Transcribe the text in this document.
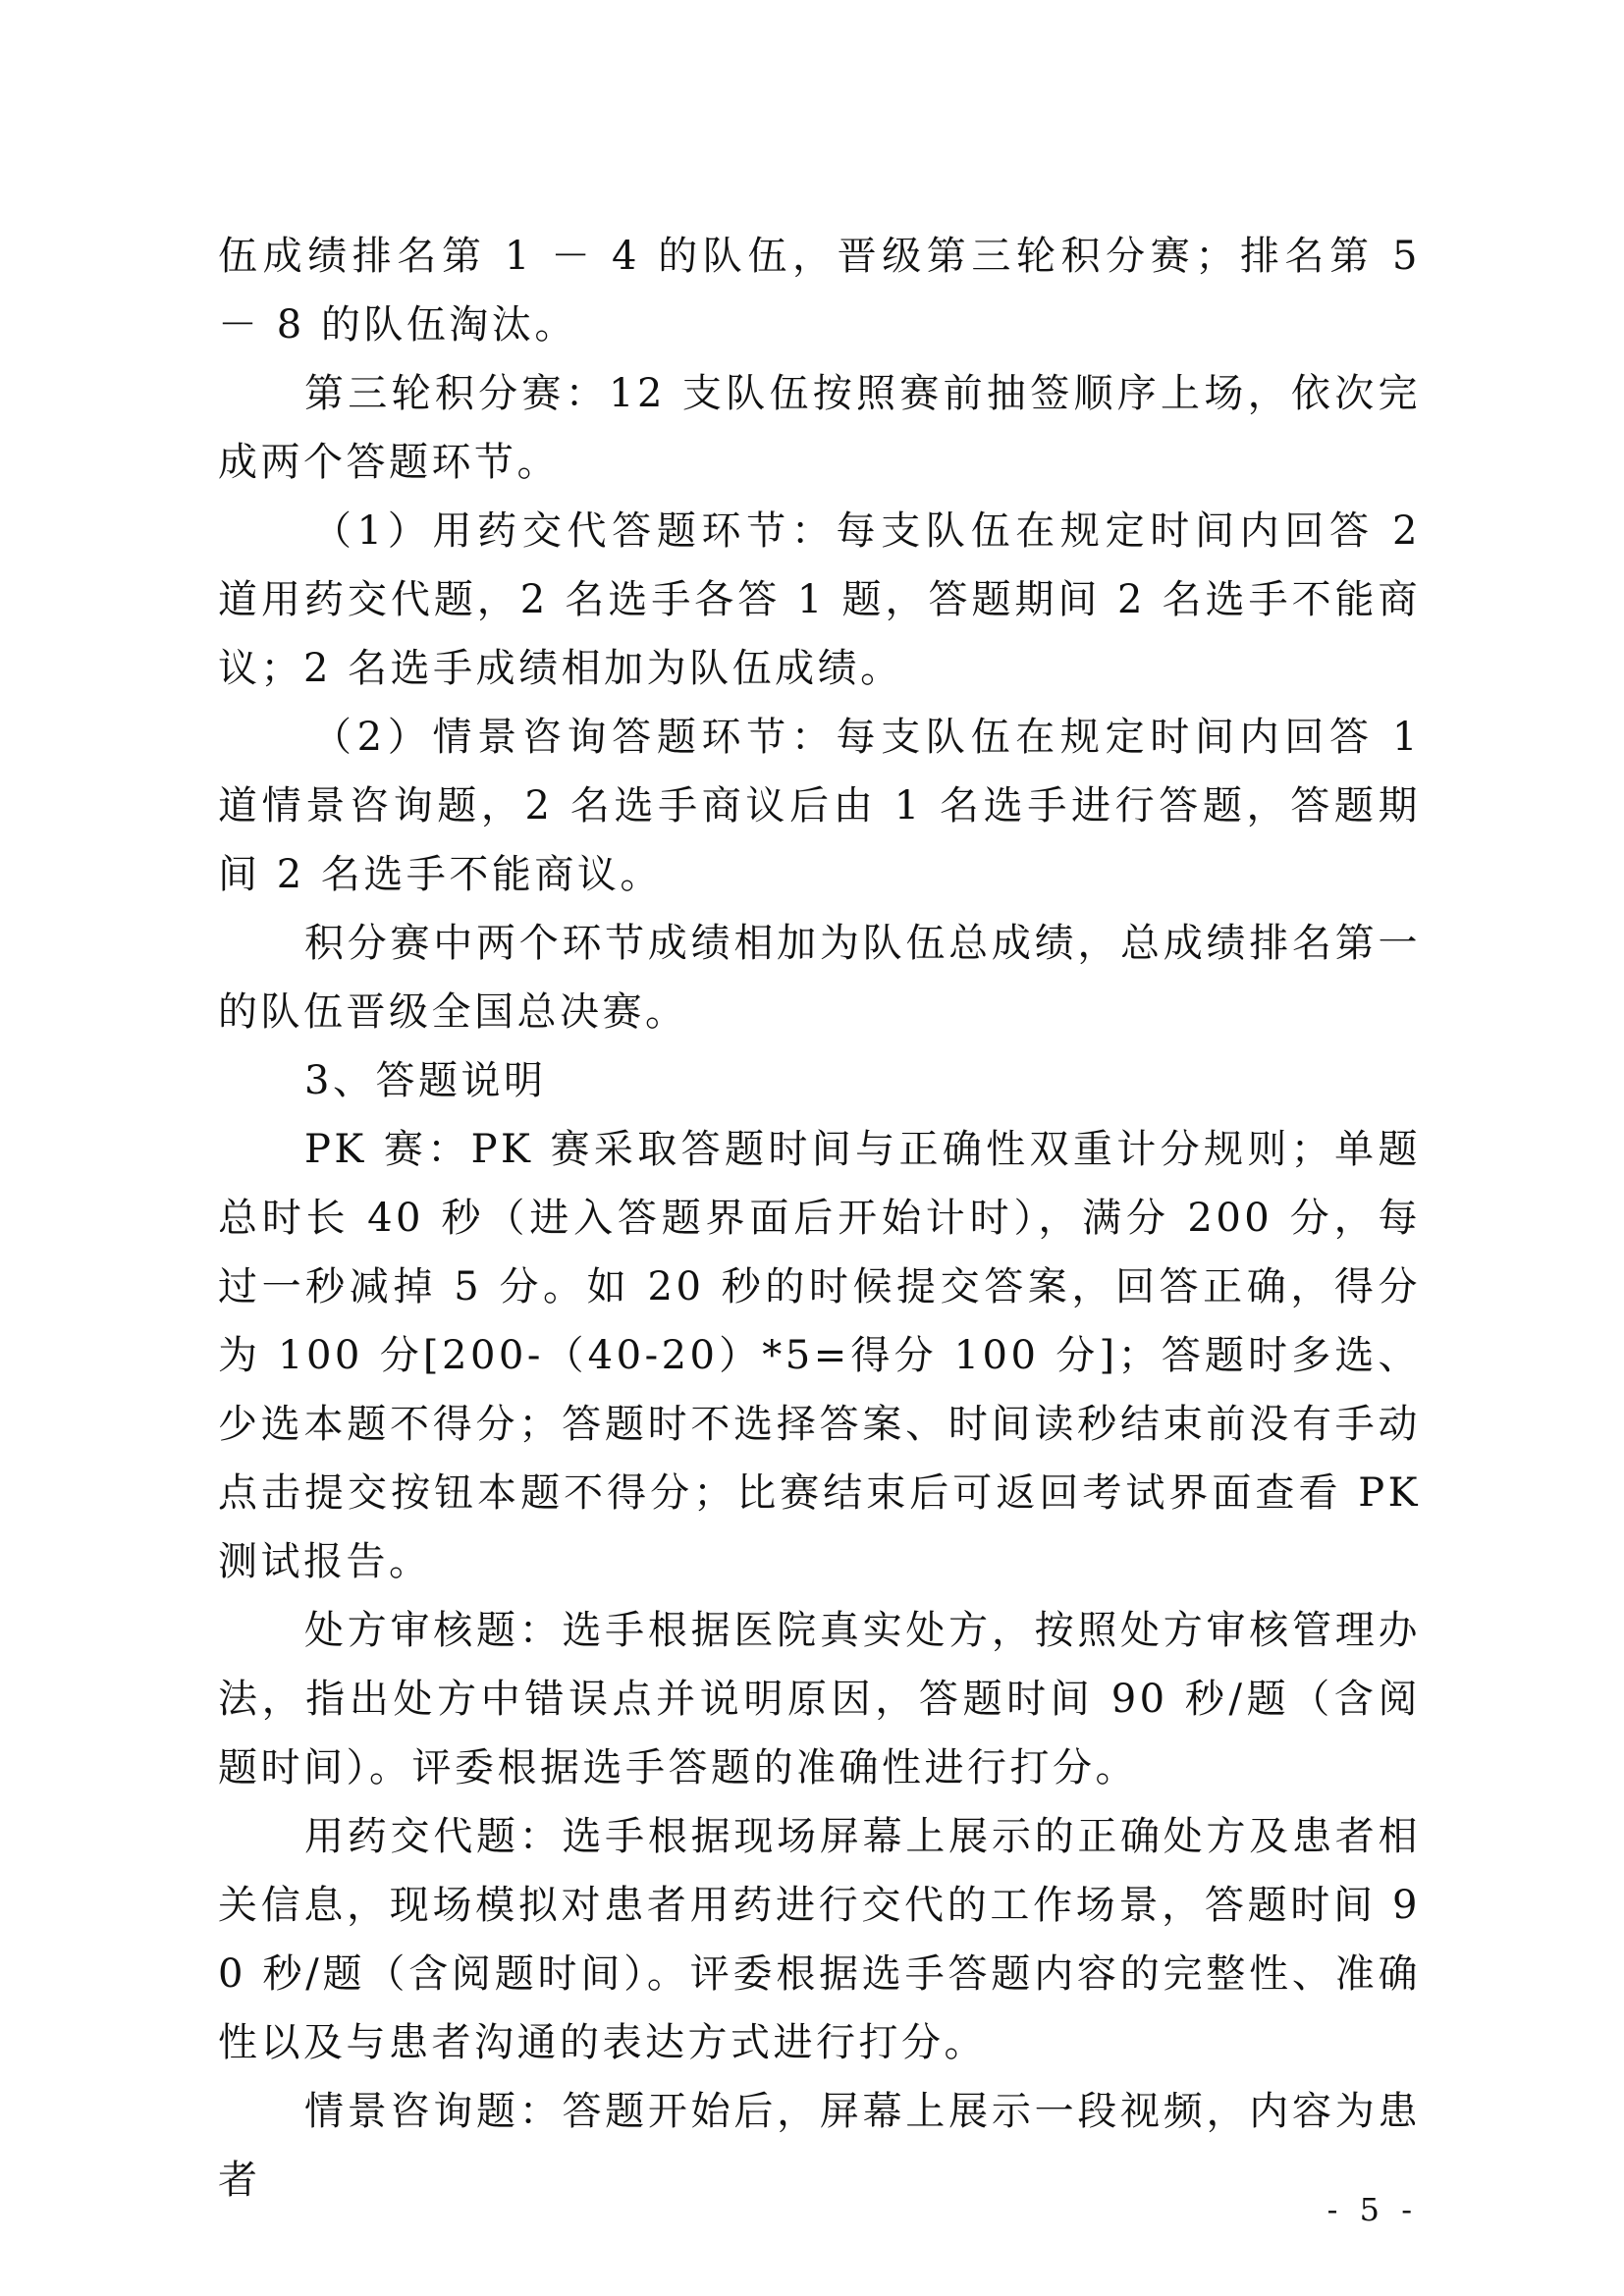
伍成绩排名第 1 － 4 的队伍，晋级第三轮积分赛；排名第 5 － 8 的队伍淘汰。

第三轮积分赛：12 支队伍按照赛前抽签顺序上场，依次完成两个答题环节。

（1）用药交代答题环节：每支队伍在规定时间内回答 2 道用药交代题，2 名选手各答 1 题，答题期间 2 名选手不能商议；2 名选手成绩相加为队伍成绩。

（2）情景咨询答题环节：每支队伍在规定时间内回答 1 道情景咨询题，2 名选手商议后由 1 名选手进行答题，答题期间 2 名选手不能商议。

积分赛中两个环节成绩相加为队伍总成绩，总成绩排名第一的队伍晋级全国总决赛。

3、答题说明

PK 赛：PK 赛采取答题时间与正确性双重计分规则；单题总时长 40 秒（进入答题界面后开始计时），满分 200 分，每过一秒减掉 5 分。如 20 秒的时候提交答案，回答正确，得分为 100 分[200-（40-20）*5=得分 100 分]；答题时多选、少选本题不得分；答题时不选择答案、时间读秒结束前没有手动点击提交按钮本题不得分；比赛结束后可返回考试界面查看 PK 测试报告。

处方审核题：选手根据医院真实处方，按照处方审核管理办法，指出处方中错误点并说明原因，答题时间 90 秒/题（含阅题时间）。评委根据选手答题的准确性进行打分。

用药交代题：选手根据现场屏幕上展示的正确处方及患者相关信息，现场模拟对患者用药进行交代的工作场景，答题时间 90 秒/题（含阅题时间）。评委根据选手答题内容的完整性、准确性以及与患者沟通的表达方式进行打分。

情景咨询题：答题开始后，屏幕上展示一段视频，内容为患者

- 5 -
